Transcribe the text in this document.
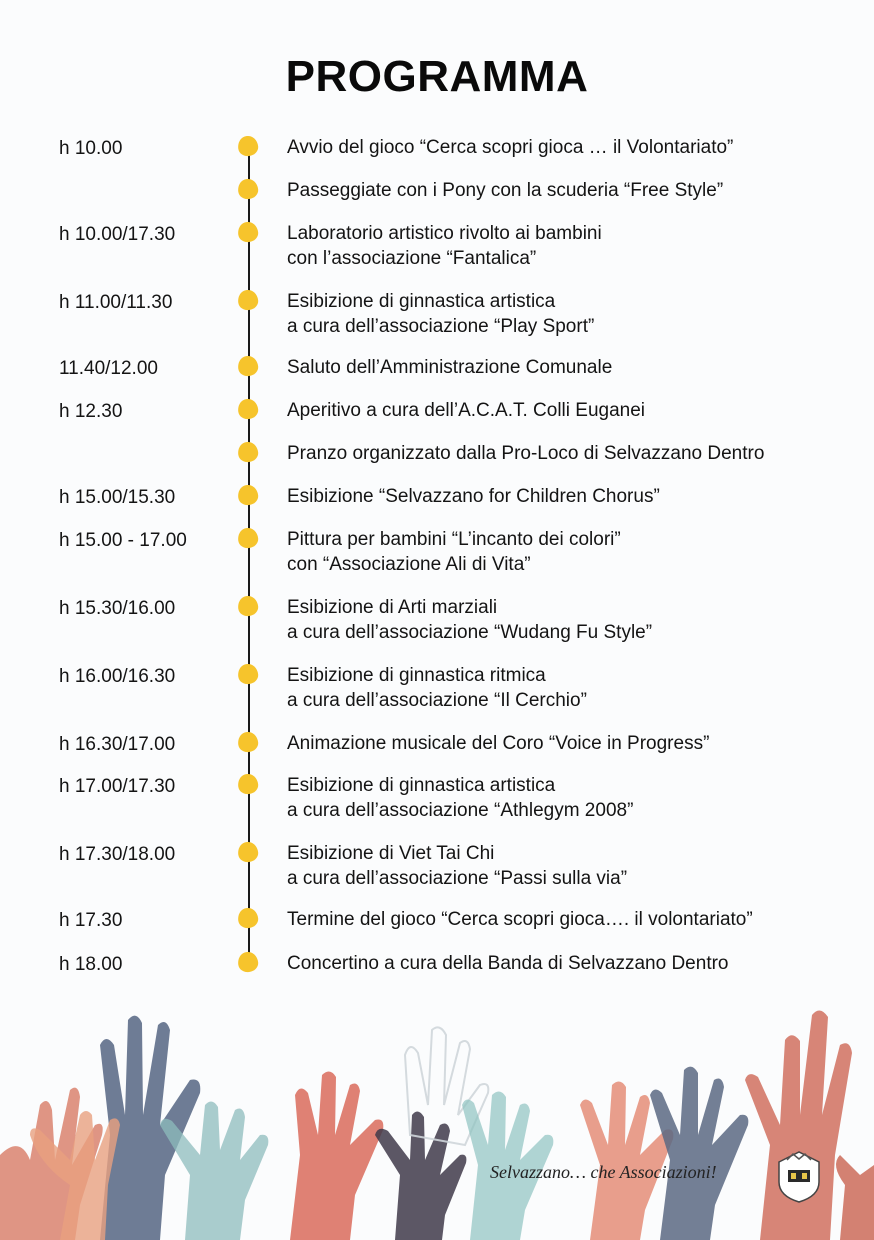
PROGRAMMA
h 10.00	Avvio del gioco “Cerca scopri gioca … il Volontariato”
Passeggiate con i Pony con la scuderia “Free Style”
h 10.00/17.30	Laboratorio artistico rivolto ai bambini
con l’associazione “Fantalica”
h 11.00/11.30	Esibizione di ginnastica artistica
a cura dell’associazione “Play Sport”
11.40/12.00	Saluto dell’Amministrazione Comunale
h 12.30	Aperitivo a cura dell’A.C.A.T. Colli Euganei
Pranzo organizzato dalla Pro-Loco di Selvazzano Dentro
h 15.00/15.30	Esibizione “Selvazzano for Children Chorus”
h 15.00 - 17.00	Pittura per bambini “L’incanto dei colori”
con “Associazione Ali di Vita”
h 15.30/16.00	Esibizione di Arti marziali
a cura dell’associazione “Wudang Fu Style”
h 16.00/16.30	Esibizione di ginnastica ritmica
a cura dell’associazione “Il Cerchio”
h 16.30/17.00	Animazione musicale del Coro “Voice in Progress”
h 17.00/17.30	Esibizione di ginnastica artistica
a cura dell’associazione “Athlegym 2008”
h 17.30/18.00	Esibizione di Viet Tai Chi
a cura dell’associazione “Passi sulla via”
h 17.30	Termine del gioco “Cerca scopri gioca…. il volontariato”
h 18.00	Concertino a cura della Banda di Selvazzano Dentro
Selvazzano… che Associazioni!
